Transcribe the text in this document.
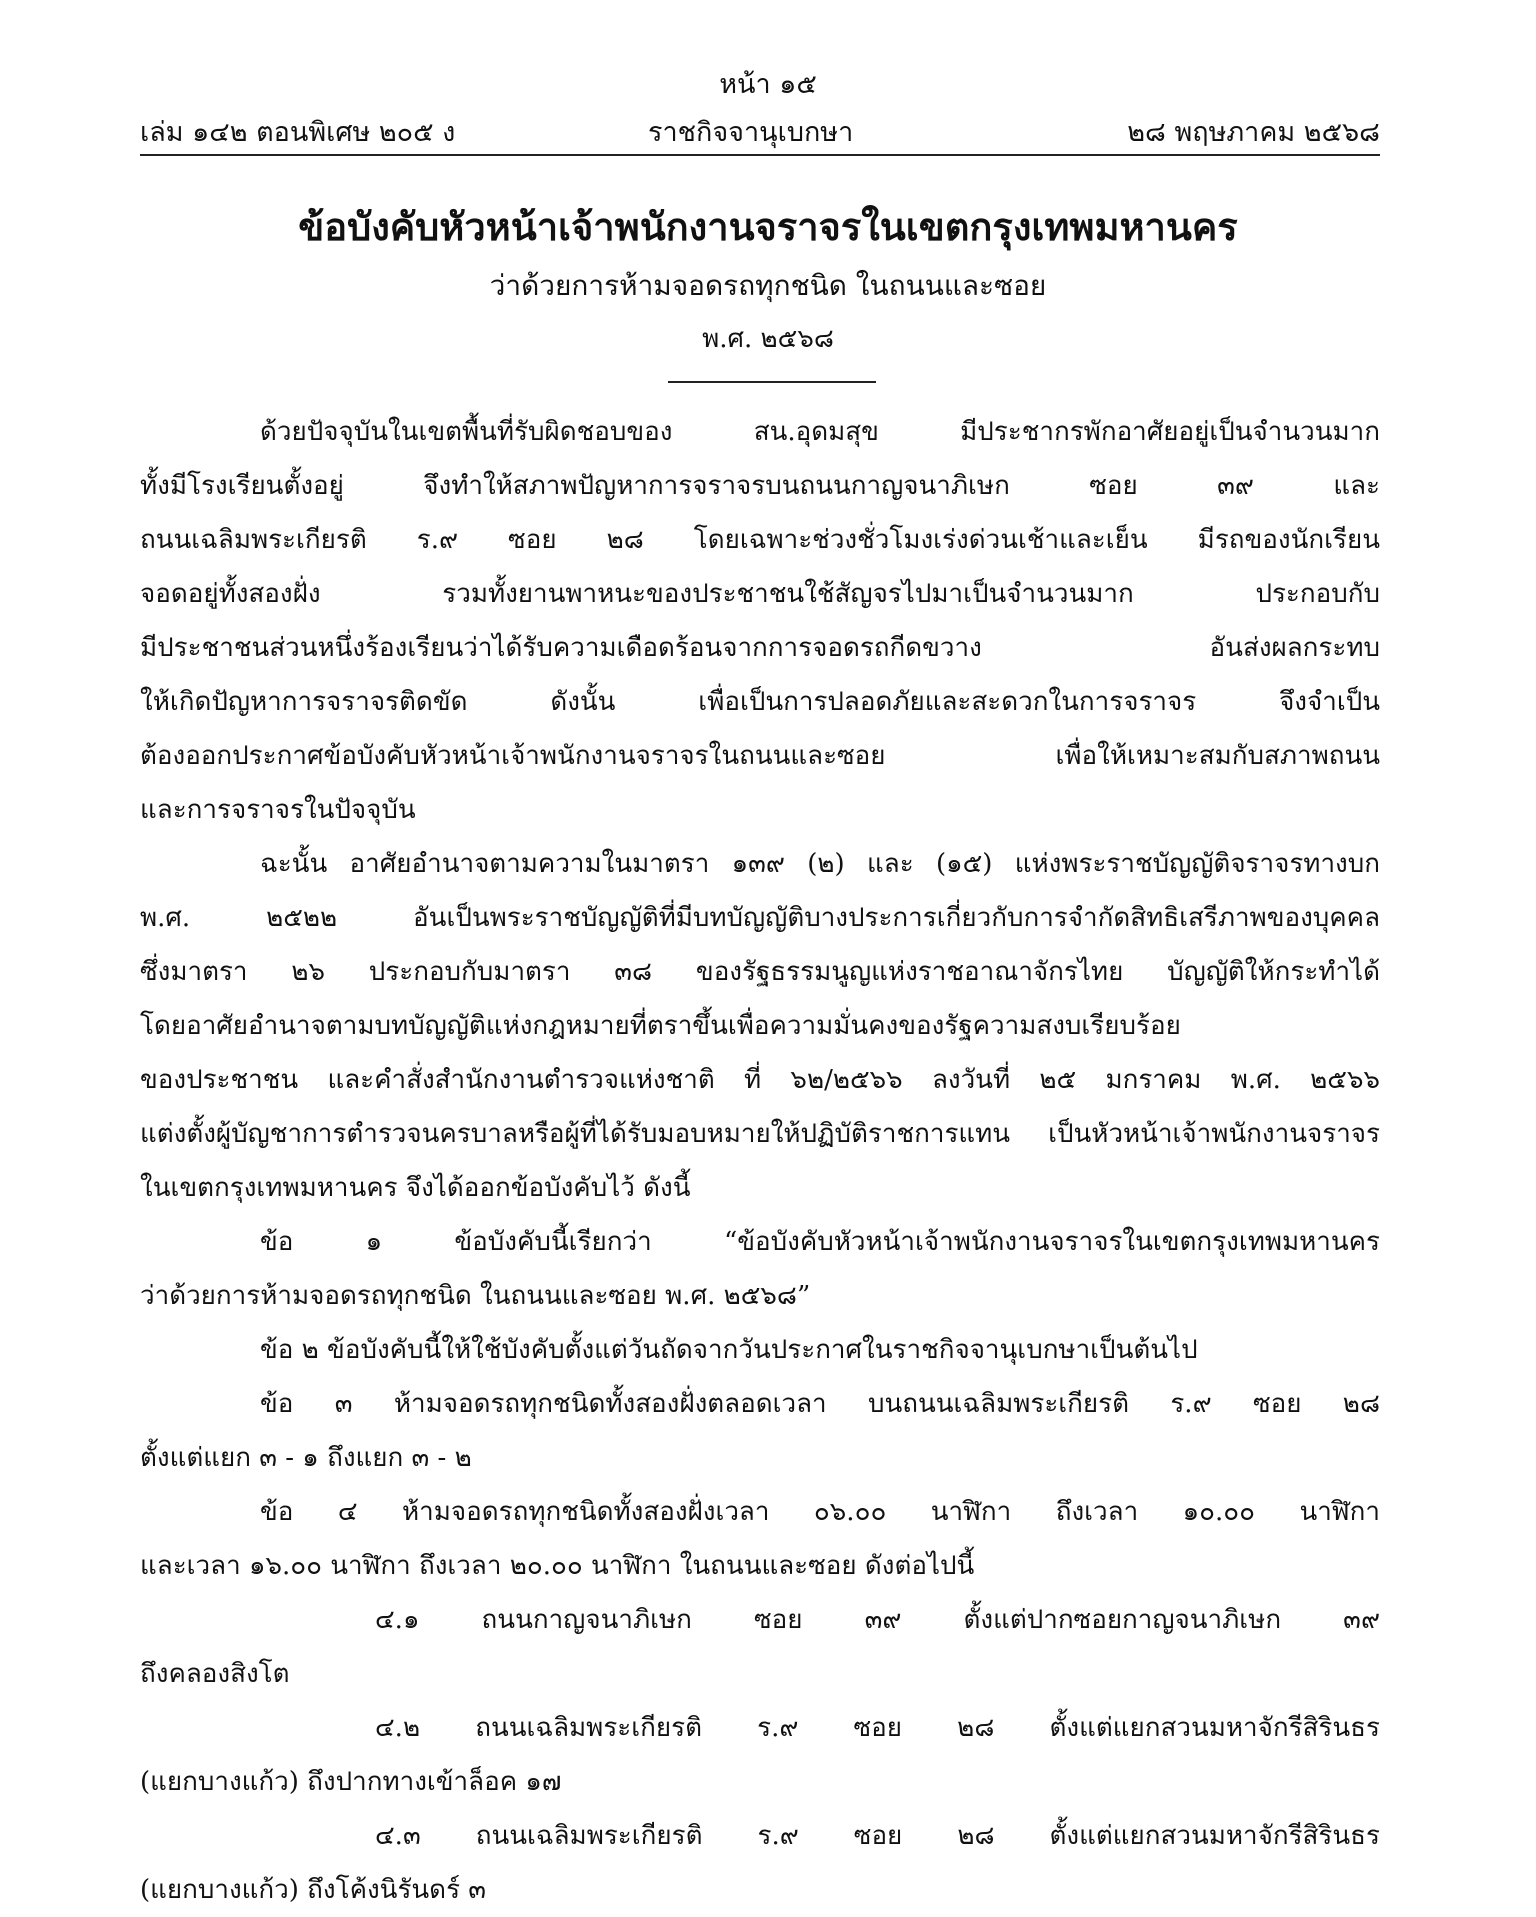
หน้า ๑๕
เล่ม ๑๔๒ ตอนพิเศษ ๒๐๕ ง	ราชกิจจานุเบกษา	๒๘ พฤษภาคม ๒๕๖๘
ข้อบังคับหัวหน้าเจ้าพนักงานจราจรในเขตกรุงเทพมหานคร
ว่าด้วยการห้ามจอดรถทุกชนิด ในถนนและซอย
พ.ศ. ๒๕๖๘
ด้วยปัจจุบันในเขตพื้นที่รับผิดชอบของ สน.อุดมสุข มีประชากรพักอาศัยอยู่เป็นจำนวนมาก
ทั้งมีโรงเรียนตั้งอยู่ จึงทำให้สภาพปัญหาการจราจรบนถนนกาญจนาภิเษก ซอย ๓๙ และ
ถนนเฉลิมพระเกียรติ ร.๙ ซอย ๒๘ โดยเฉพาะช่วงชั่วโมงเร่งด่วนเช้าและเย็น มีรถของนักเรียน
จอดอยู่ทั้งสองฝั่ง รวมทั้งยานพาหนะของประชาชนใช้สัญจรไปมาเป็นจำนวนมาก ประกอบกับ
มีประชาชนส่วนหนึ่งร้องเรียนว่าได้รับความเดือดร้อนจากการจอดรถกีดขวาง อันส่งผลกระทบ
ให้เกิดปัญหาการจราจรติดขัด ดังนั้น เพื่อเป็นการปลอดภัยและสะดวกในการจราจร จึงจำเป็น
ต้องออกประกาศข้อบังคับหัวหน้าเจ้าพนักงานจราจรในถนนและซอย เพื่อให้เหมาะสมกับสภาพถนน
และการจราจรในปัจจุบัน
ฉะนั้น อาศัยอำนาจตามความในมาตรา ๑๓๙ (๒) และ (๑๕) แห่งพระราชบัญญัติจราจรทางบก
พ.ศ. ๒๕๒๒ อันเป็นพระราชบัญญัติที่มีบทบัญญัติบางประการเกี่ยวกับการจำกัดสิทธิเสรีภาพของบุคคล
ซึ่งมาตรา ๒๖ ประกอบกับมาตรา ๓๘ ของรัฐธรรมนูญแห่งราชอาณาจักรไทย บัญญัติให้กระทำได้
โดยอาศัยอำนาจตามบทบัญญัติแห่งกฎหมายที่ตราขึ้นเพื่อความมั่นคงของรัฐความสงบเรียบร้อย
ของประชาชน และคำสั่งสำนักงานตำรวจแห่งชาติ ที่ ๖๒/๒๕๖๖ ลงวันที่ ๒๕ มกราคม พ.ศ. ๒๕๖๖
แต่งตั้งผู้บัญชาการตำรวจนครบาลหรือผู้ที่ได้รับมอบหมายให้ปฏิบัติราชการแทน เป็นหัวหน้าเจ้าพนักงานจราจร
ในเขตกรุงเทพมหานคร จึงได้ออกข้อบังคับไว้ ดังนี้
ข้อ ๑ ข้อบังคับนี้เรียกว่า “ข้อบังคับหัวหน้าเจ้าพนักงานจราจรในเขตกรุงเทพมหานคร
ว่าด้วยการห้ามจอดรถทุกชนิด ในถนนและซอย พ.ศ. ๒๕๖๘”
ข้อ ๒ ข้อบังคับนี้ให้ใช้บังคับตั้งแต่วันถัดจากวันประกาศในราชกิจจานุเบกษาเป็นต้นไป
ข้อ ๓ ห้ามจอดรถทุกชนิดทั้งสองฝั่งตลอดเวลา บนถนนเฉลิมพระเกียรติ ร.๙ ซอย ๒๘
ตั้งแต่แยก ๓ - ๑ ถึงแยก ๓ - ๒
ข้อ ๔ ห้ามจอดรถทุกชนิดทั้งสองฝั่งเวลา ๐๖.๐๐ นาฬิกา ถึงเวลา ๑๐.๐๐ นาฬิกา
และเวลา ๑๖.๐๐ นาฬิกา ถึงเวลา ๒๐.๐๐ นาฬิกา ในถนนและซอย ดังต่อไปนี้
๔.๑ ถนนกาญจนาภิเษก ซอย ๓๙ ตั้งแต่ปากซอยกาญจนาภิเษก ๓๙
ถึงคลองสิงโต
๔.๒ ถนนเฉลิมพระเกียรติ ร.๙ ซอย ๒๘ ตั้งแต่แยกสวนมหาจักรีสิรินธร
(แยกบางแก้ว) ถึงปากทางเข้าล็อค ๑๗
๔.๓ ถนนเฉลิมพระเกียรติ ร.๙ ซอย ๒๘ ตั้งแต่แยกสวนมหาจักรีสิรินธร
(แยกบางแก้ว) ถึงโค้งนิรันดร์ ๓
